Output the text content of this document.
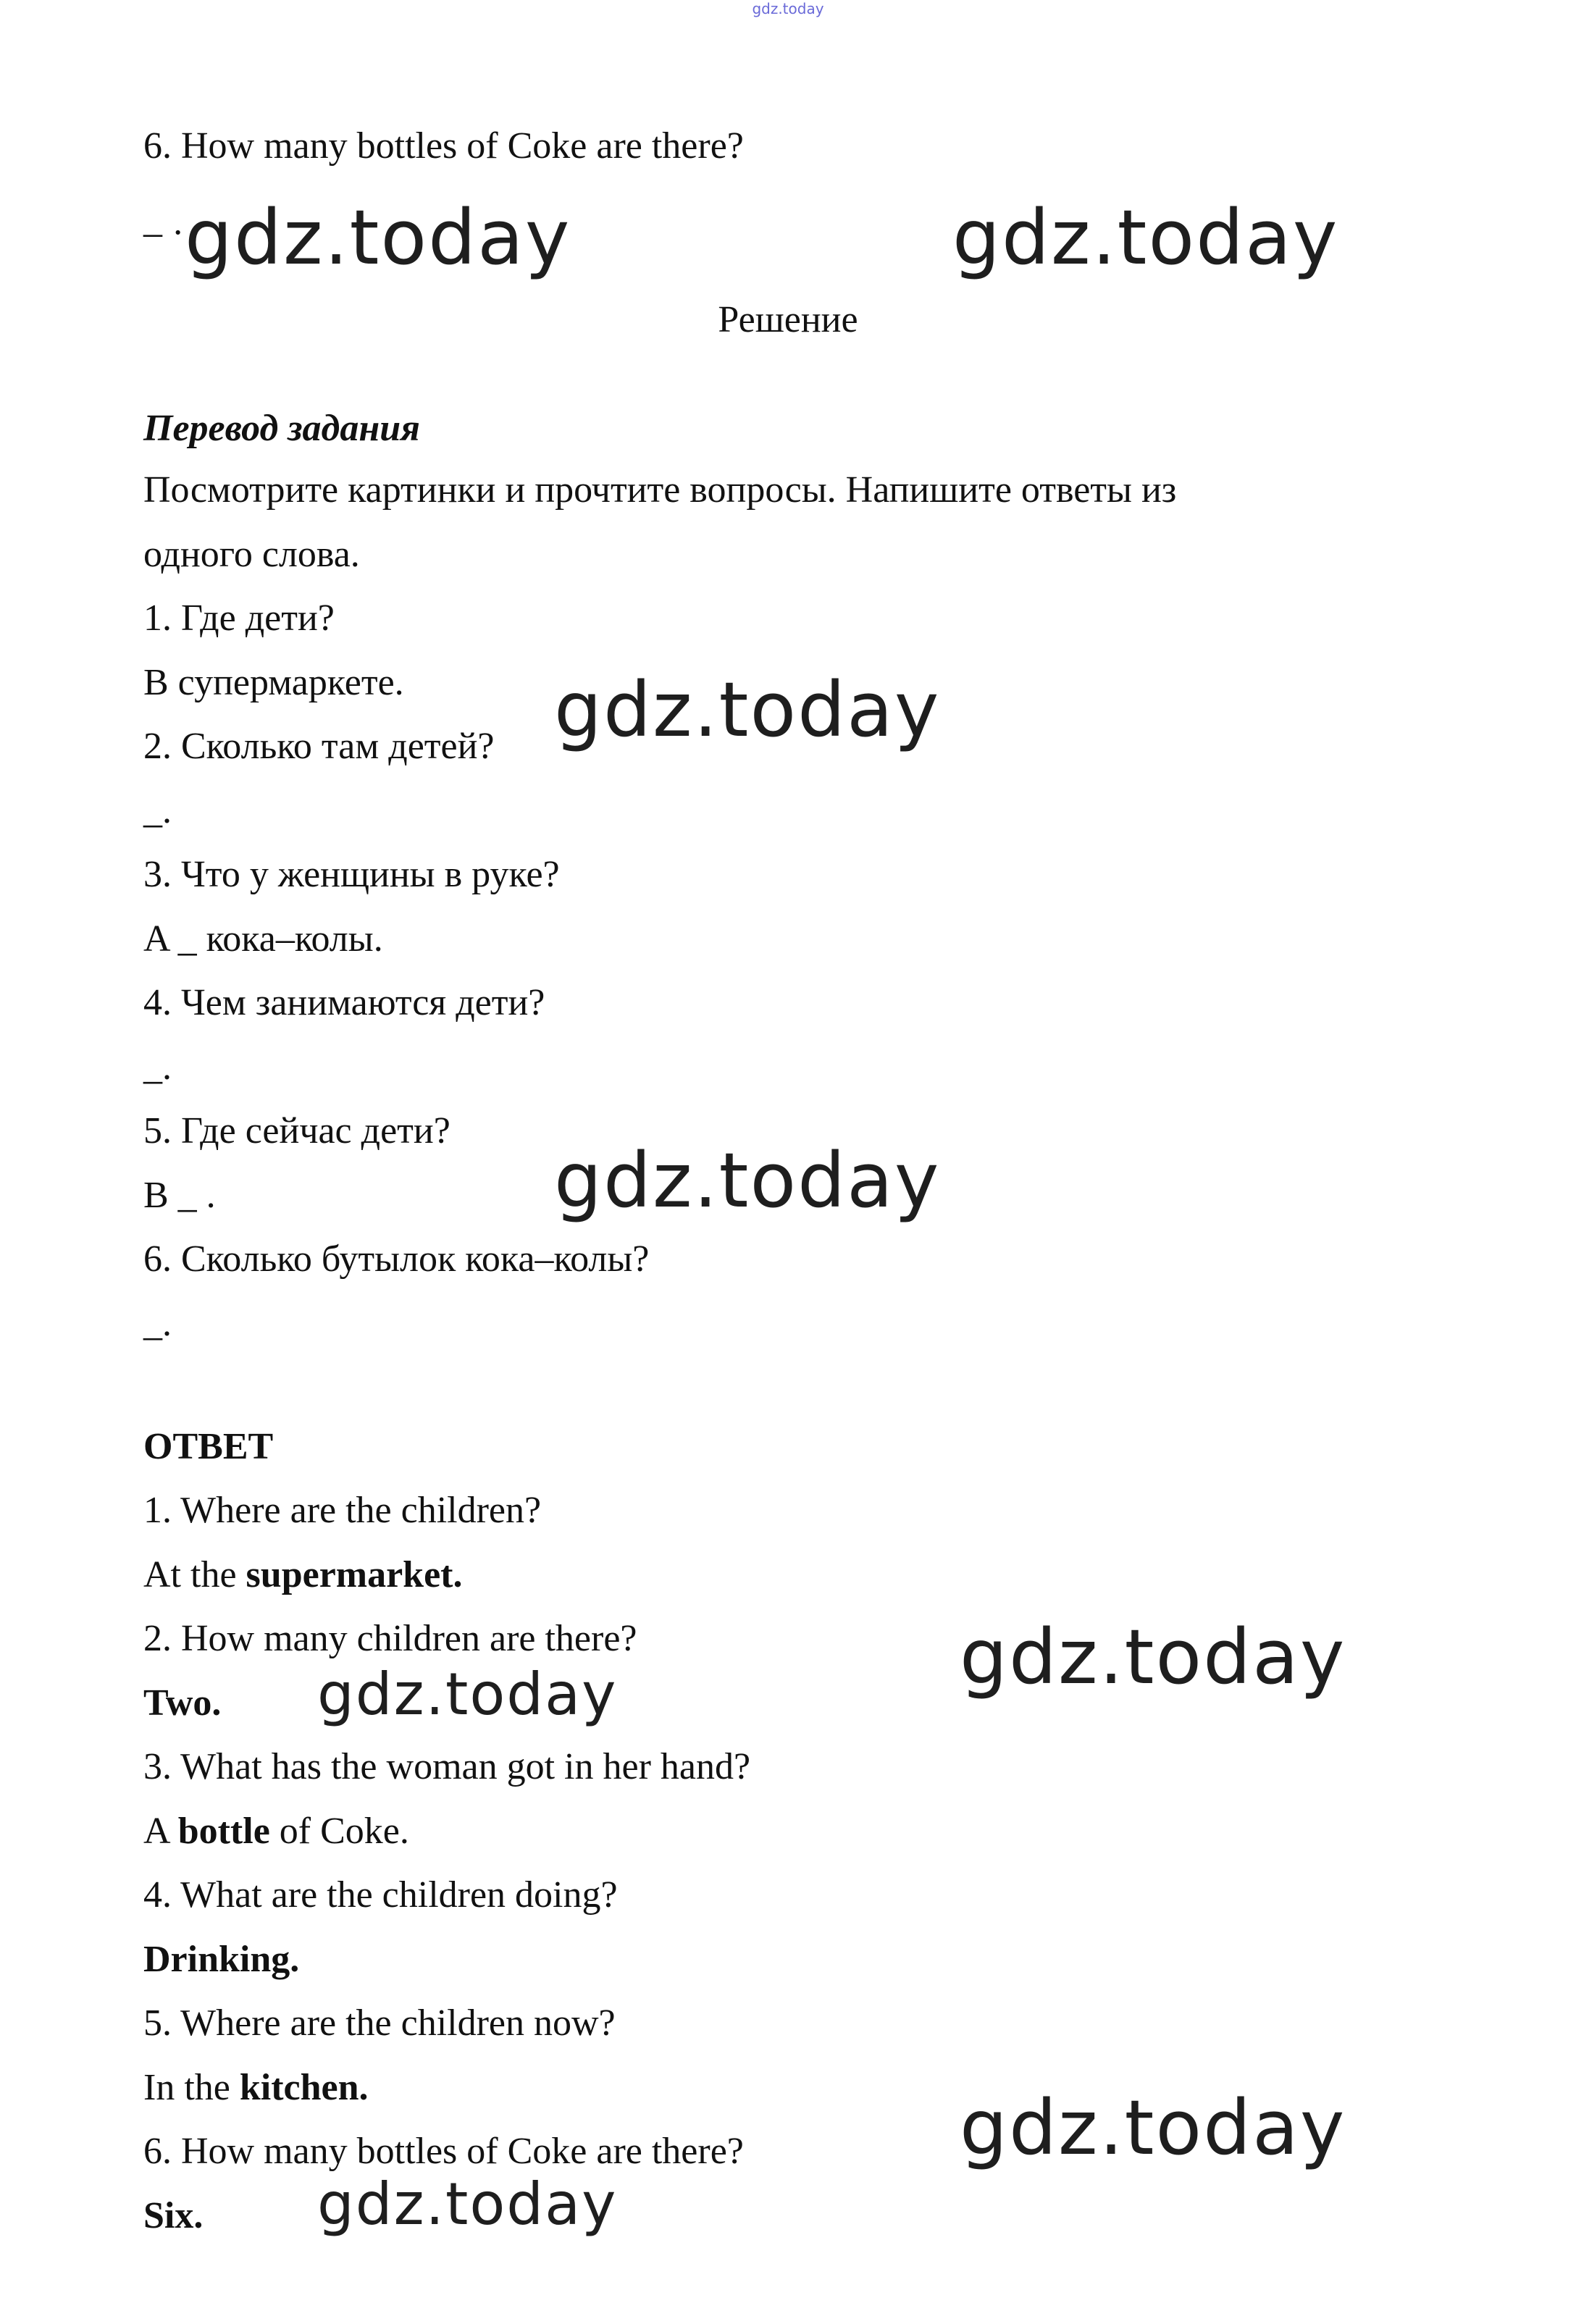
gdz.today

6. How many bottles of Coke are there?

– ·

Решение

Перевод задания

Посмотрите картинки и прочтите вопросы. Напишите ответы из

одного слова.

1. Где дети?

В супермаркете.

2. Сколько там детей?

_.

3. Что у женщины в руке?

A _ кока–колы.

4. Чем занимаются дети?

_.

5. Где сейчас дети?

В _ .

6. Сколько бутылок кока–колы?

_.

ОТВЕТ

1. Where are the children?

At the supermarket.

2. How many children are there?

Two.

3. What has the woman got in her hand?

A bottle of Coke.

4. What are the children doing?

Drinking.

5. Where are the children now?

In the kitchen.

6. How many bottles of Coke are there?

Six.

gdz.today	gdz.today
gdz.today
gdz.today
gdz.today
gdz.today
gdz.today
gdz.today
